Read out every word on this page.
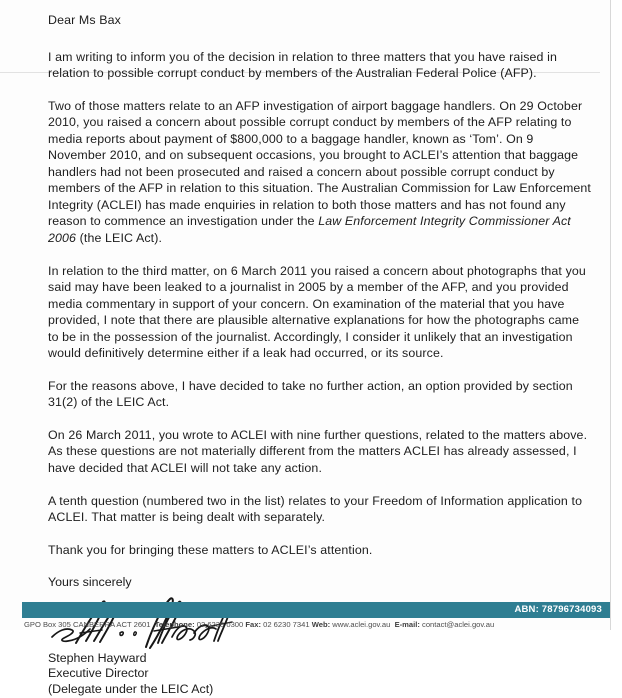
Dear Ms Bax

I am writing to inform you of the decision in relation to three matters that you have raised in relation to possible corrupt conduct by members of the Australian Federal Police (AFP).

Two of those matters relate to an AFP investigation of airport baggage handlers. On 29 October 2010, you raised a concern about possible corrupt conduct by members of the AFP relating to media reports about payment of $800,000 to a baggage handler, known as ‘Tom’. On 9 November 2010, and on subsequent occasions, you brought to ACLEI’s attention that baggage handlers had not been prosecuted and raised a concern about possible corrupt conduct by members of the AFP in relation to this situation. The Australian Commission for Law Enforcement Integrity (ACLEI) has made enquiries in relation to both those matters and has not found any reason to commence an investigation under the Law Enforcement Integrity Commissioner Act 2006 (the LEIC Act).

In relation to the third matter, on 6 March 2011 you raised a concern about photographs that you said may have been leaked to a journalist in 2005 by a member of the AFP, and you provided media commentary in support of your concern. On examination of the material that you have provided, I note that there are plausible alternative explanations for how the photographs came to be in the possession of the journalist. Accordingly, I consider it unlikely that an investigation would definitively determine either if a leak had occurred, or its source.

For the reasons above, I have decided to take no further action, an option provided by section 31(2) of the LEIC Act.

On 26 March 2011, you wrote to ACLEI with nine further questions, related to the matters above. As these questions are not materially different from the matters ACLEI has already assessed, I have decided that ACLEI will not take any action.

A tenth question (numbered two in the list) relates to your Freedom of Information application to ACLEI. That matter is being dealt with separately.

Thank you for bringing these matters to ACLEI’s attention.

Yours sincerely

Stephen Hayward

Executive Director

(Delegate under the LEIC Act)

ABN: 78796734093
GPO Box 305 CANBERRA ACT 2601 Telephone: 02 6230 0300 Fax: 02 6230 7341 Web: www.aclei.gov.au E-mail: contact@aclei.gov.au
